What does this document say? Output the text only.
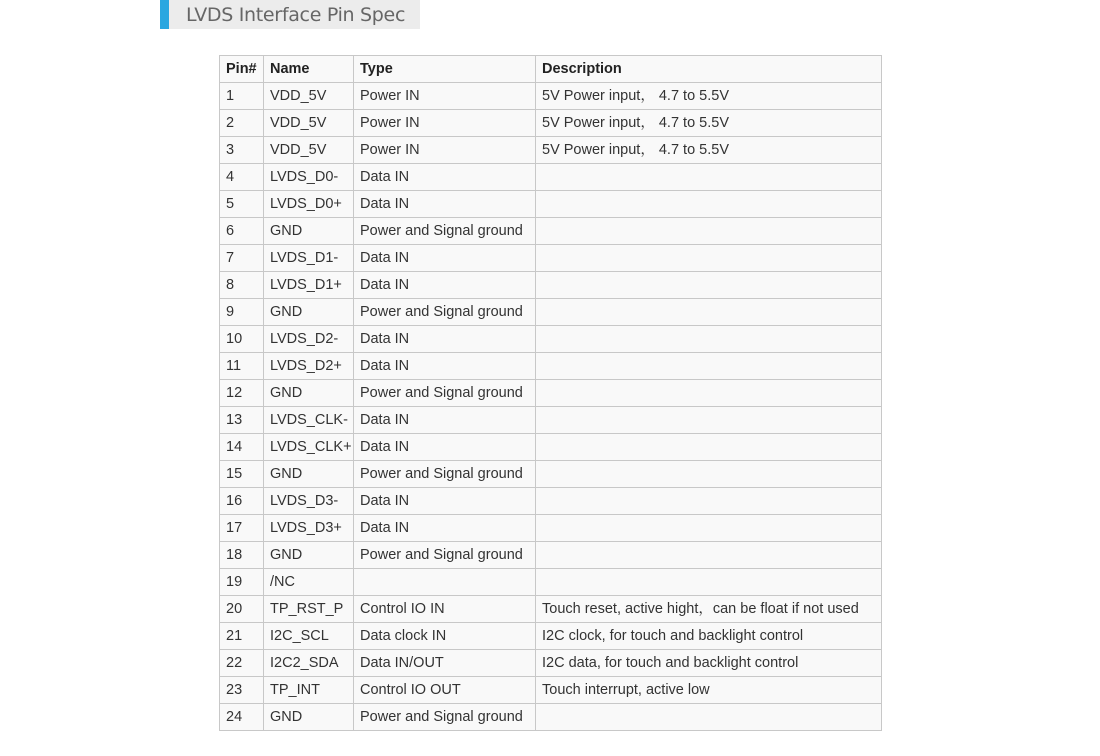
LVDS Interface Pin Spec
Pin#	Name	Type	Description
1	VDD_5V	Power IN	5V Power input， 4.7 to 5.5V
2	VDD_5V	Power IN	5V Power input， 4.7 to 5.5V
3	VDD_5V	Power IN	5V Power input， 4.7 to 5.5V
4	LVDS_D0-	Data IN	
5	LVDS_D0+	Data IN	
6	GND	Power and Signal ground	
7	LVDS_D1-	Data IN	
8	LVDS_D1+	Data IN	
9	GND	Power and Signal ground	
10	LVDS_D2-	Data IN	
11	LVDS_D2+	Data IN	
12	GND	Power and Signal ground	
13	LVDS_CLK-	Data IN	
14	LVDS_CLK+	Data IN	
15	GND	Power and Signal ground	
16	LVDS_D3-	Data IN	
17	LVDS_D3+	Data IN	
18	GND	Power and Signal ground	
19	/NC		
20	TP_RST_P	Control IO IN	Touch reset, active hight，can be float if not used
21	I2C_SCL	Data clock IN	I2C clock, for touch and backlight control
22	I2C2_SDA	Data IN/OUT	I2C data, for touch and backlight control
23	TP_INT	Control IO OUT	Touch interrupt, active low
24	GND	Power and Signal ground	
